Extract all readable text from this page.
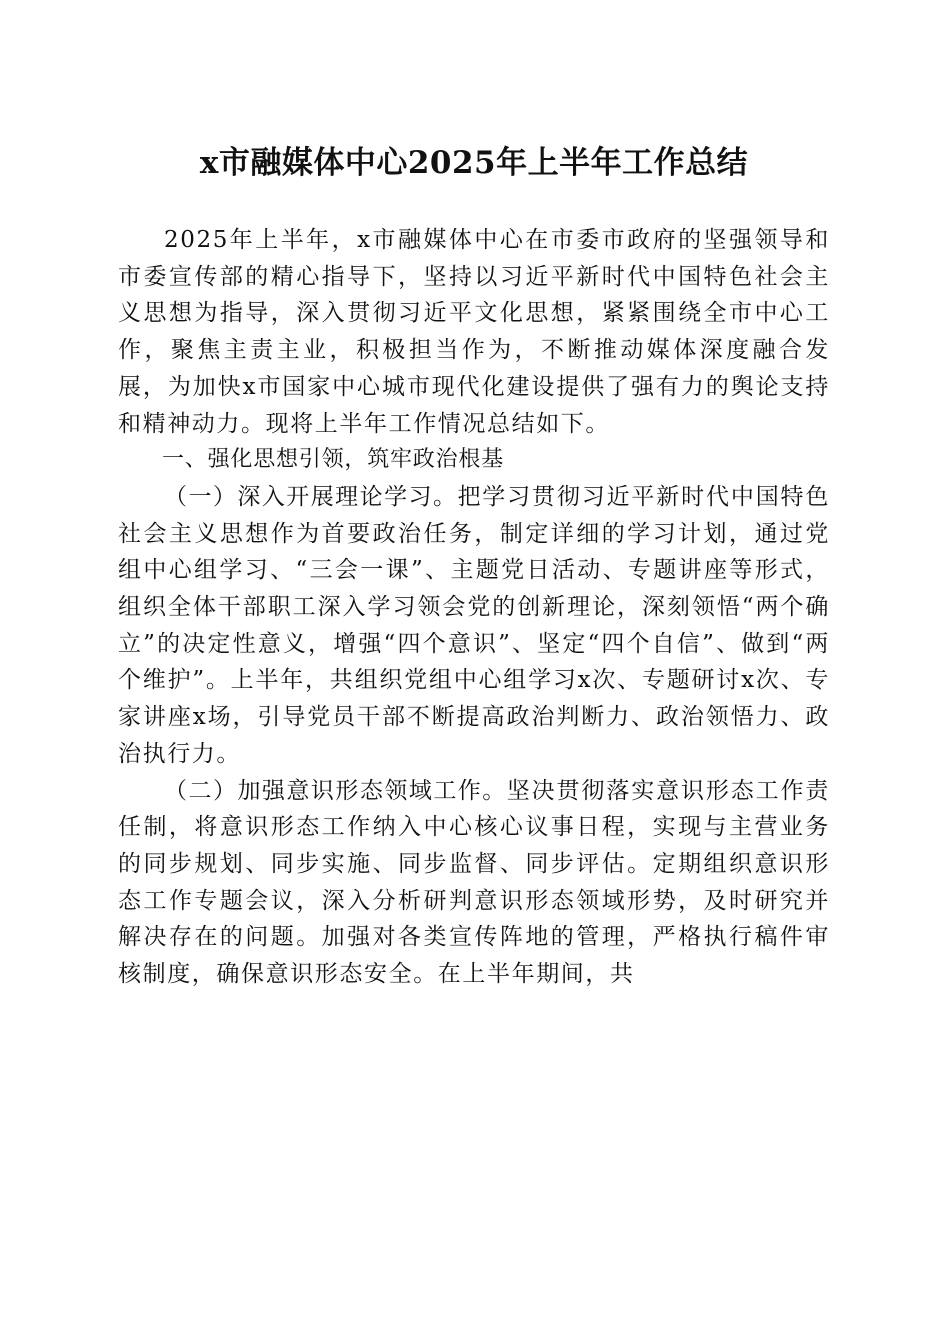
x市融媒体中心2025年上半年工作总结

2025年上半年，x市融媒体中心在市委市政府的坚强领导和市委宣传部的精心指导下，坚持以习近平新时代中国特色社会主义思想为指导，深入贯彻习近平文化思想，紧紧围绕全市中心工作，聚焦主责主业，积极担当作为，不断推动媒体深度融合发展，为加快x市国家中心城市现代化建设提供了强有力的舆论支持和精神动力。现将上半年工作情况总结如下。

一、强化思想引领，筑牢政治根基

（一）深入开展理论学习。把学习贯彻习近平新时代中国特色社会主义思想作为首要政治任务，制定详细的学习计划，通过党组中心组学习、“三会一课”、主题党日活动、专题讲座等形式，组织全体干部职工深入学习领会党的创新理论，深刻领悟“两个确立”的决定性意义，增强“四个意识”、坚定“四个自信”、做到“两个维护”。上半年，共组织党组中心组学习x次、专题研讨x次、专家讲座x场，引导党员干部不断提高政治判断力、政治领悟力、政治执行力。

（二）加强意识形态领域工作。坚决贯彻落实意识形态工作责任制，将意识形态工作纳入中心核心议事日程，实现与主营业务的同步规划、同步实施、同步监督、同步评估。定期组织意识形态工作专题会议，深入分析研判意识形态领域形势，及时研究并解决存在的问题。加强对各类宣传阵地的管理，严格执行稿件审核制度，确保意识形态安全。在上半年期间，共
